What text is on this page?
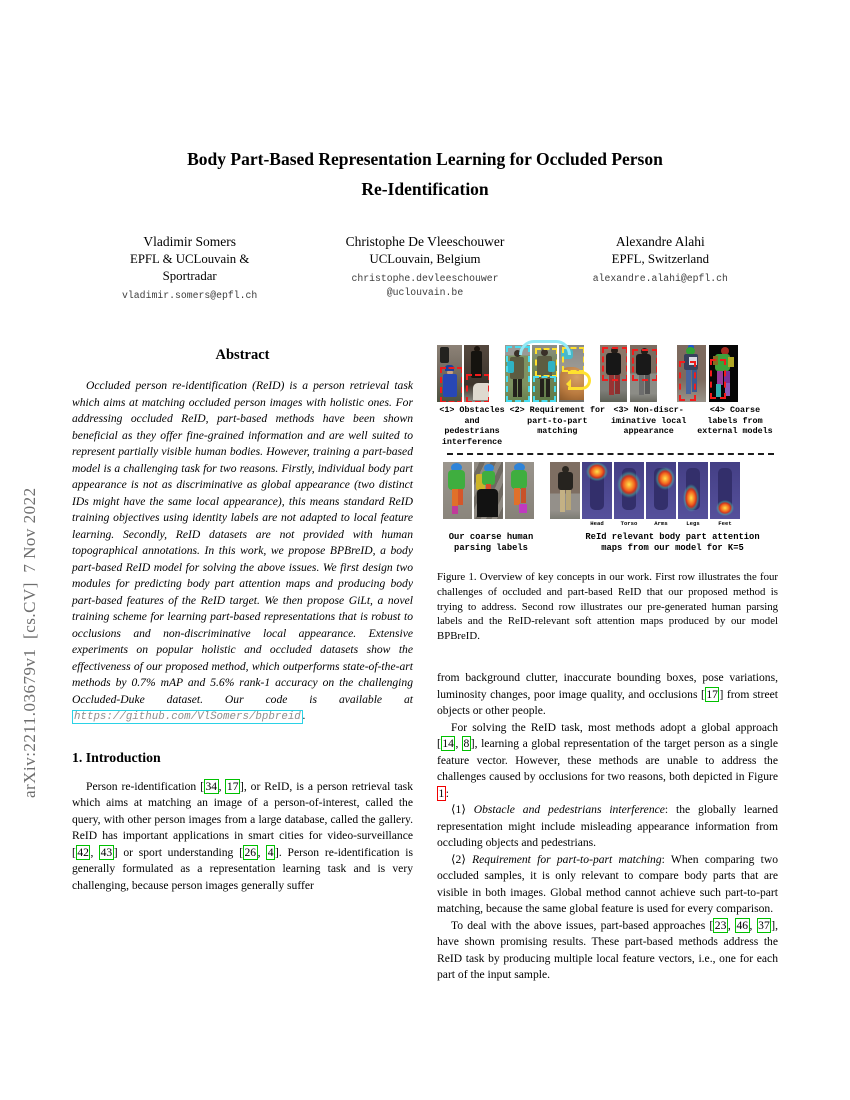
arXiv:2211.03679v1  [cs.CV]  7 Nov 2022
Body Part-Based Representation Learning for Occluded Person
Re-Identification
Vladimir Somers
EPFL & UCLouvain &
Sportradar
vladimir.somers@epfl.ch
Christophe De Vleeschouwer
UCLouvain, Belgium
christophe.devleeschouwer
@uclouvain.be
Alexandre Alahi
EPFL, Switzerland
alexandre.alahi@epfl.ch
Abstract
Occluded person re-identification (ReID) is a person retrieval task which aims at matching occluded person images with holistic ones. For addressing occluded ReID, part-based methods have been shown beneficial as they offer fine-grained information and are well suited to represent partially visible human bodies. However, training a part-based model is a challenging task for two reasons. Firstly, individual body part appearance is not as discriminative as global appearance (two distinct IDs might have the same local appearance), this means standard ReID training objectives using identity labels are not adapted to local feature learning. Secondly, ReID datasets are not provided with human topographical annotations. In this work, we propose BPBreID, a body part-based ReID model for solving the above issues. We first design two modules for predicting body part attention maps and producing body part-based features of the ReID target. We then propose GiLt, a novel training scheme for learning part-based representations that is robust to occlusions and non-discriminative local appearance. Extensive experiments on popular holistic and occluded datasets show the effectiveness of our proposed method, which outperforms state-of-the-art methods by 0.7% mAP and 5.6% rank-1 accuracy on the challenging Occluded-Duke dataset. Our code is available at https://github.com/VlSomers/bpbreid .
1. Introduction

Person re-identification [ 34 , 17 ], or ReID, is a person retrieval task which aims at matching an image of a person-of-interest, called the query, with other person images from a large database, called the gallery. ReID has important applications in smart cities for video-surveillance [ 42 , 43 ] or sport understanding [ 26 , 4 ]. Person re-identification is generally formulated as a representation learning task and is very challenging, because person images generally suffer

<1> Obstacles
and pedestrians
interference
<2> Requirement for
part-to-part
matching
<3> Non-discr-
iminative local
appearance
<4> Coarse
labels from
external models
Head	Torso	Arms	Legs	Feet
Our coarse human
parsing labels
ReId relevant body part attention
maps from our model for K=5
Figure 1. Overview of key concepts in our work. First row illustrates the four challenges of occluded and part-based ReID that our proposed method is trying to address. Second row illustrates our pre-generated human parsing labels and the ReID-relevant soft attention maps produced by our model BPBreID.

from background clutter, inaccurate bounding boxes, pose variations, luminosity changes, poor image quality, and occlusions [ 17 ] from street objects or other people.

For solving the ReID task, most methods adopt a global approach [ 14 , 8 ], learning a global representation of the target person as a single feature vector. However, these methods are unable to address the challenges caused by occlusions for two reasons, both depicted in Figure 1 :

⟨1⟩ Obstacle and pedestrians interference: the globally learned representation might include misleading appearance information from occluding objects and pedestrians.

⟨2⟩ Requirement for part-to-part matching: When comparing two occluded samples, it is only relevant to compare body parts that are visible in both images. Global method cannot achieve such part-to-part matching, because the same global feature is used for every comparison.

To deal with the above issues, part-based approaches [ 23 , 46 , 37 ], have shown promising results. These part-based methods address the ReID task by producing multiple local feature vectors, i.e., one for each part of the input sample.
